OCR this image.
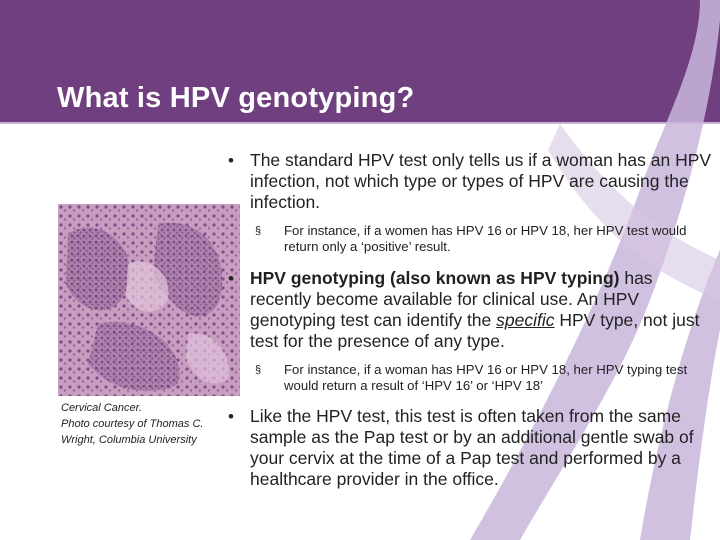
What is HPV genotyping?
Cervical Cancer.
Photo courtesy of Thomas C. Wright, Columbia University
• The standard HPV test only tells us if a woman has an HPV infection, not which type or types of HPV are causing the infection.
§ For instance, if a women has HPV 16 or HPV 18, her HPV test would return only a ‘positive’ result.
• HPV genotyping (also known as HPV typing) has recently become available for clinical use. An HPV genotyping test can identify the specific HPV type, not just test for the presence of any type.
§ For instance, if a woman has HPV 16 or HPV 18, her HPV typing test would return a result of ‘HPV 16’ or ‘HPV 18’
• Like the HPV test, this test is often taken from the same sample as the Pap test or by an additional gentle swab of your cervix at the time of a Pap test and performed by a healthcare provider in the office.
